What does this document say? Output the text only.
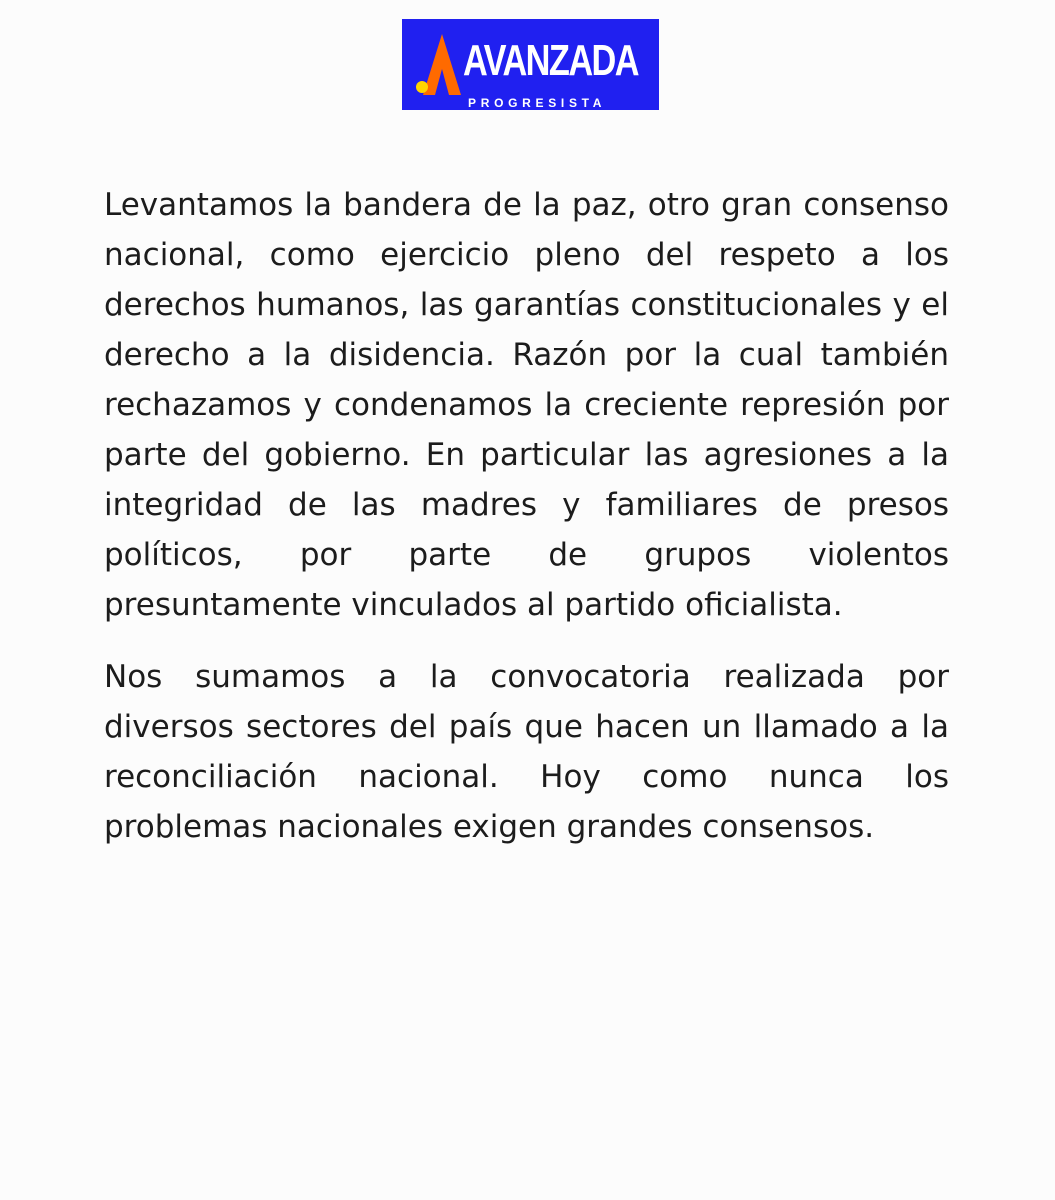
AVANZADA
PROGRESISTA

Levantamos la bandera de la paz, otro gran consenso nacional, como ejercicio pleno del respeto a los derechos humanos, las garantías constitucionales y el derecho a la disidencia. Razón por la cual también rechazamos y condenamos la creciente represión por parte del gobierno. En particular las agresiones a la integridad de las madres y familiares de presos políticos, por parte de grupos violentos presuntamente vinculados al partido oficialista.

Nos sumamos a la convocatoria realizada por diversos sectores del país que hacen un llamado a la reconciliación nacional. Hoy como nunca los problemas nacionales exigen grandes consensos.
